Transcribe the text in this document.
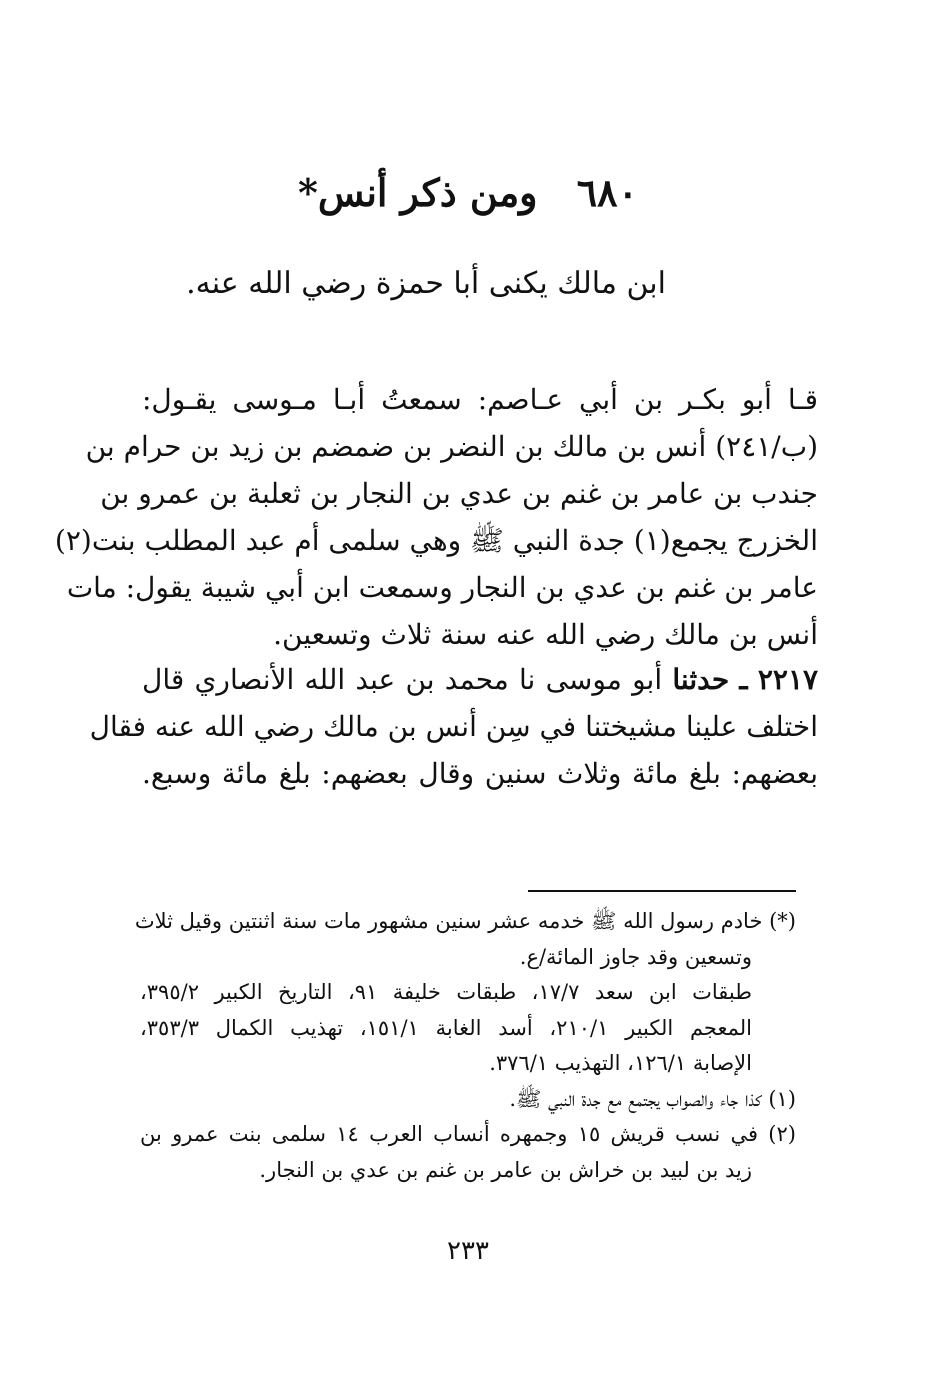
٦٨٠ ومن ذكر أنس*
ابن مالك يكنى أبا حمزة رضي الله عنه.
قـا أبو بكـر بن أبي عـاصم: سمعتُ أبـا مـوسى يقـول:
(ب/٢٤١) أنس بن مالك بن النضر بن ضمضم بن زيد بن حرام بن
جندب بن عامر بن غنم بن عدي بن النجار بن ثعلبة بن عمرو بن
الخزرج يجمع(١) جدة النبي ﷺ وهي سلمى أم عبد المطلب بنت(٢)
عامر بن غنم بن عدي بن النجار وسمعت ابن أبي شيبة يقول: مات
أنس بن مالك رضي الله عنه سنة ثلاث وتسعين.
٢٢١٧ ـ حدثنا أبو موسى نا محمد بن عبد الله الأنصاري قال
اختلف علينا مشيختنا في سِن أنس بن مالك رضي الله عنه فقال
بعضهم: بلغ مائة وثلاث سنين وقال بعضهم: بلغ مائة وسبع.
(*) خادم رسول الله ﷺ خدمه عشر سنين مشهور مات سنة اثنتين وقيل ثلاث
وتسعين وقد جاوز المائة/ع.
طبقات ابن سعد ١٧/٧، طبقات خليفة ٩١، التاريخ الكبير ٣٩٥/٢،
المعجم الكبير ٢١٠/١، أسد الغابة ١٥١/١، تهذيب الكمال ٣٥٣/٣،
الإصابة ١٢٦/١، التهذيب ٣٧٦/١.
(١) كذا جاء والصواب يجتمع مع جدة النبي ﷺ.
(٢) في نسب قريش ١٥ وجمهره أنساب العرب ١٤ سلمى بنت عمرو بن
زيد بن لبيد بن خراش بن عامر بن غنم بن عدي بن النجار.
٢٣٣
